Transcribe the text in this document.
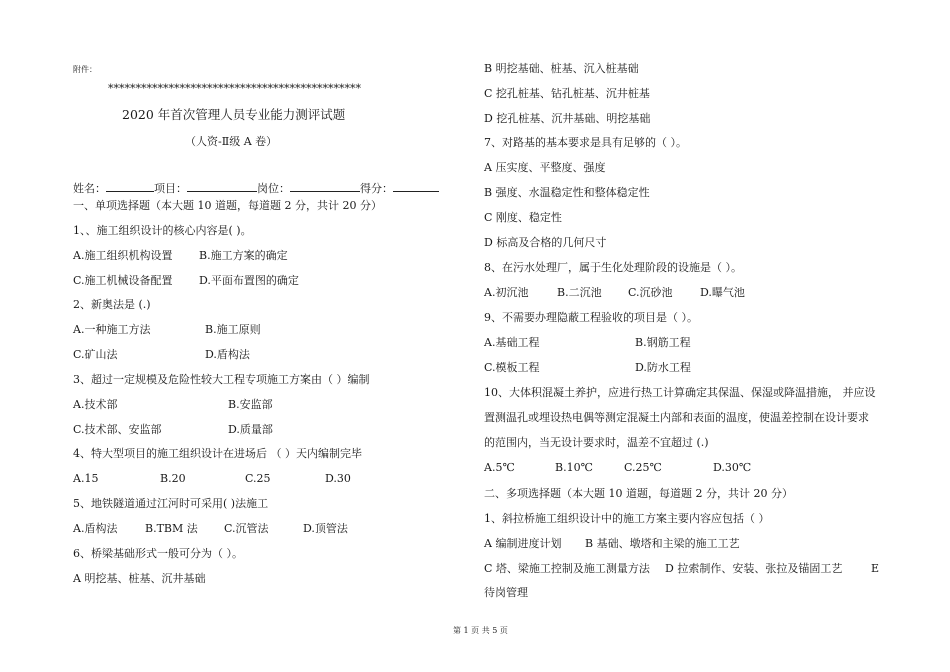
附件：
**********************************************
2020 年首次管理人员专业能力测评试题
（人资-Ⅱ级 A 卷）
姓名：	项目：	岗位：	得分：
一、单项选择题（本大题 10 道题，每道题 2 分，共计 20 分）
1、、施工组织设计的核心内容是( )。
A.施工组织机构设置 B.施工方案的确定
C.施工机械设备配置 D.平面布置图的确定
2、新奥法是 (.)
A.一种施工方法	B.施工原则
C.矿山法	D.盾构法
3、超过一定规模及危险性较大工程专项施工方案由（ ）编制
A.技术部	B.安监部
C.技术部、安监部	D.质量部
4、特大型项目的施工组织设计在进场后 （ ）天内编制完毕
A.15	B.20	C.25	D.30
5、地铁隧道通过江河时可采用( )法施工
A.盾构法	B.TBM 法 C.沉管法	D.顶管法
6、桥梁基础形式一般可分为（ ）。
A 明挖基、桩基、沉井基础
B 明挖基础、桩基、沉入桩基础
C 挖孔桩基、钻孔桩基、沉井桩基
D 挖孔桩基、沉井基础、明挖基础
7、对路基的基本要求是具有足够的（ ）。
A 压实度、平整度、强度
B 强度、水温稳定性和整体稳定性
C 刚度、稳定性
D 标高及合格的几何尺寸
8、在污水处理厂，属于生化处理阶段的设施是（ ）。
A.初沉池	B.二沉池 C.沉砂池 D.曝气池
9、不需要办理隐蔽工程验收的项目是（ ）。
A.基础工程	B.钢筋工程
C.模板工程	D.防水工程
10、大体积混凝土养护，应进行热工计算确定其保温、保湿或降温措施， 并应设
置测温孔或埋设热电偶等测定混凝土内部和表面的温度，使温差控制在设计要求
的范围内，当无设计要求时，温差不宜超过 (.)
A.5℃	B.10℃	C.25℃	D.30℃
二、多项选择题（本大题 10 道题，每道题 2 分，共计 20 分）
1、斜拉桥施工组织设计中的施工方案主要内容应包括（ ）
A 编制进度计划 B 基础、墩塔和主梁的施工工艺
C 塔、梁施工控制及施工测量方法 D 拉索制作、安装、张拉及锚固工艺	E
待岗管理
第 1 页 共 5 页
